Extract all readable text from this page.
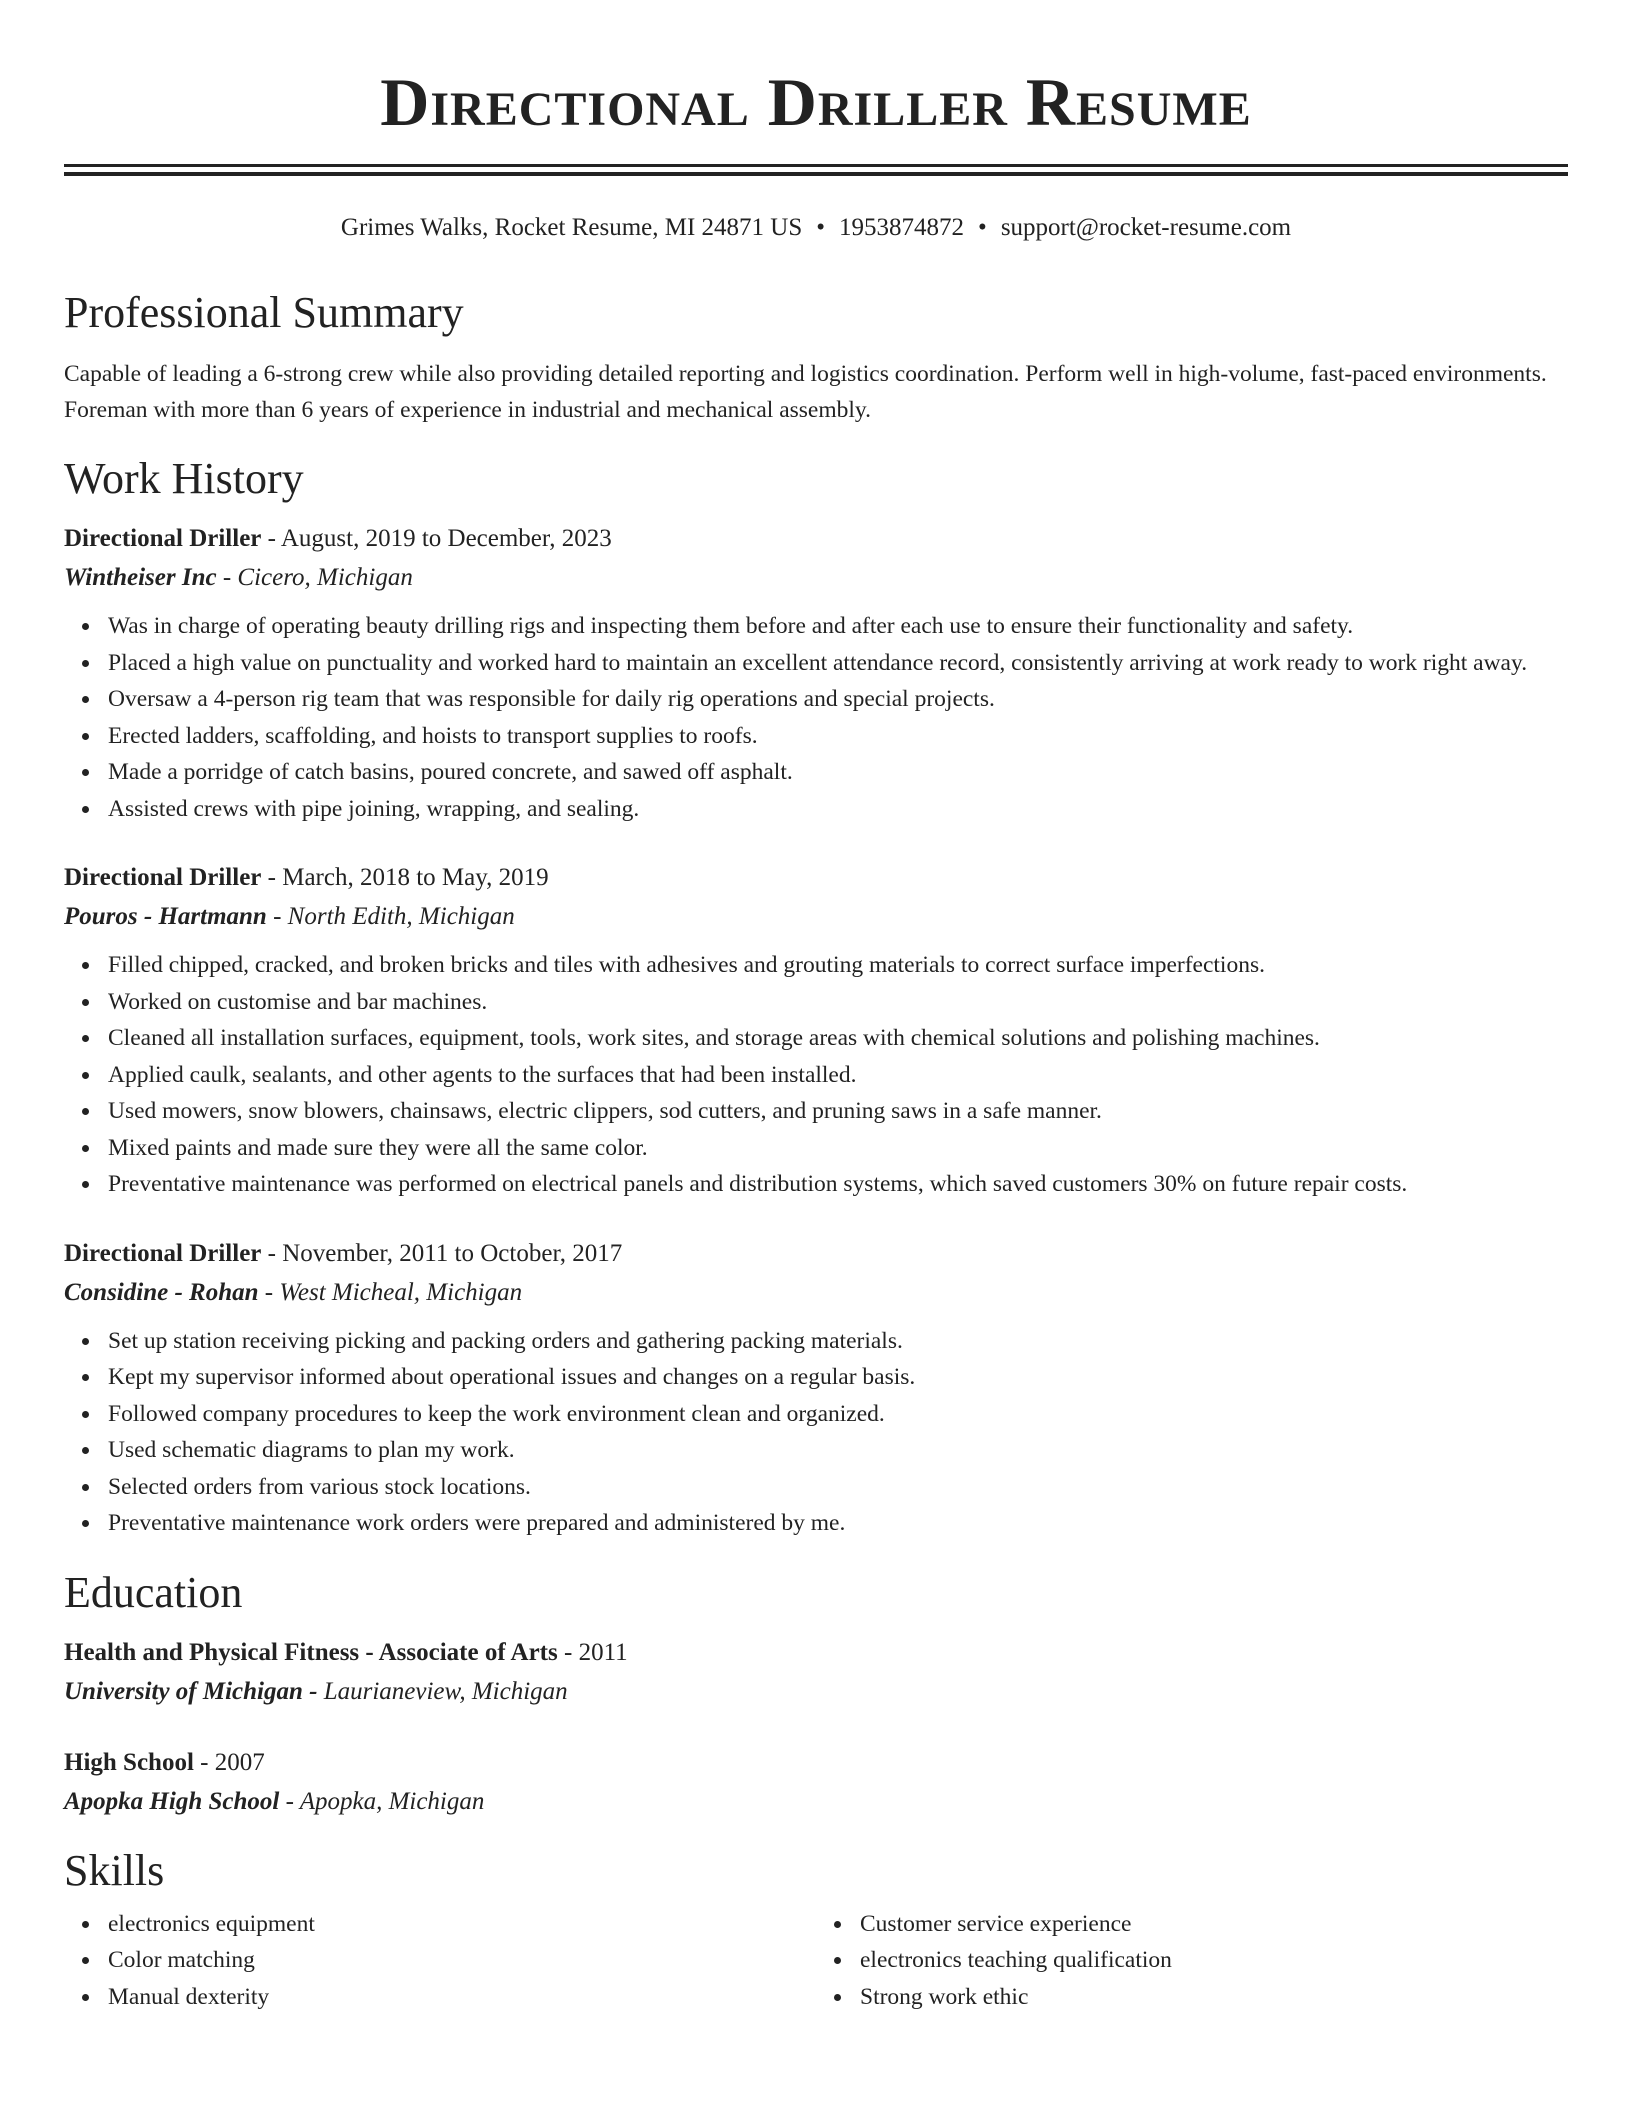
Directional Driller Resume
Grimes Walks, Rocket Resume, MI 24871 US • 1953874872 • support@rocket-resume.com
Professional Summary

Capable of leading a 6-strong crew while also providing detailed reporting and logistics coordination. Perform well in high-volume, fast-paced environments. Foreman with more than 6 years of experience in industrial and mechanical assembly.

Work History
Directional Driller - August, 2019 to December, 2023
Wintheiser Inc - Cicero, Michigan
Was in charge of operating beauty drilling rigs and inspecting them before and after each use to ensure their functionality and safety.
Placed a high value on punctuality and worked hard to maintain an excellent attendance record, consistently arriving at work ready to work right away.
Oversaw a 4-person rig team that was responsible for daily rig operations and special projects.
Erected ladders, scaffolding, and hoists to transport supplies to roofs.
Made a porridge of catch basins, poured concrete, and sawed off asphalt.
Assisted crews with pipe joining, wrapping, and sealing.
Directional Driller - March, 2018 to May, 2019
Pouros - Hartmann - North Edith, Michigan
Filled chipped, cracked, and broken bricks and tiles with adhesives and grouting materials to correct surface imperfections.
Worked on customise and bar machines.
Cleaned all installation surfaces, equipment, tools, work sites, and storage areas with chemical solutions and polishing machines.
Applied caulk, sealants, and other agents to the surfaces that had been installed.
Used mowers, snow blowers, chainsaws, electric clippers, sod cutters, and pruning saws in a safe manner.
Mixed paints and made sure they were all the same color.
Preventative maintenance was performed on electrical panels and distribution systems, which saved customers 30% on future repair costs.
Directional Driller - November, 2011 to October, 2017
Considine - Rohan - West Micheal, Michigan
Set up station receiving picking and packing orders and gathering packing materials.
Kept my supervisor informed about operational issues and changes on a regular basis.
Followed company procedures to keep the work environment clean and organized.
Used schematic diagrams to plan my work.
Selected orders from various stock locations.
Preventative maintenance work orders were prepared and administered by me.
Education
Health and Physical Fitness - Associate of Arts - 2011
University of Michigan - Laurianeview, Michigan
High School - 2007
Apopka High School - Apopka, Michigan
Skills
electronics equipment
Color matching
Manual dexterity
Customer service experience
electronics teaching qualification
Strong work ethic
